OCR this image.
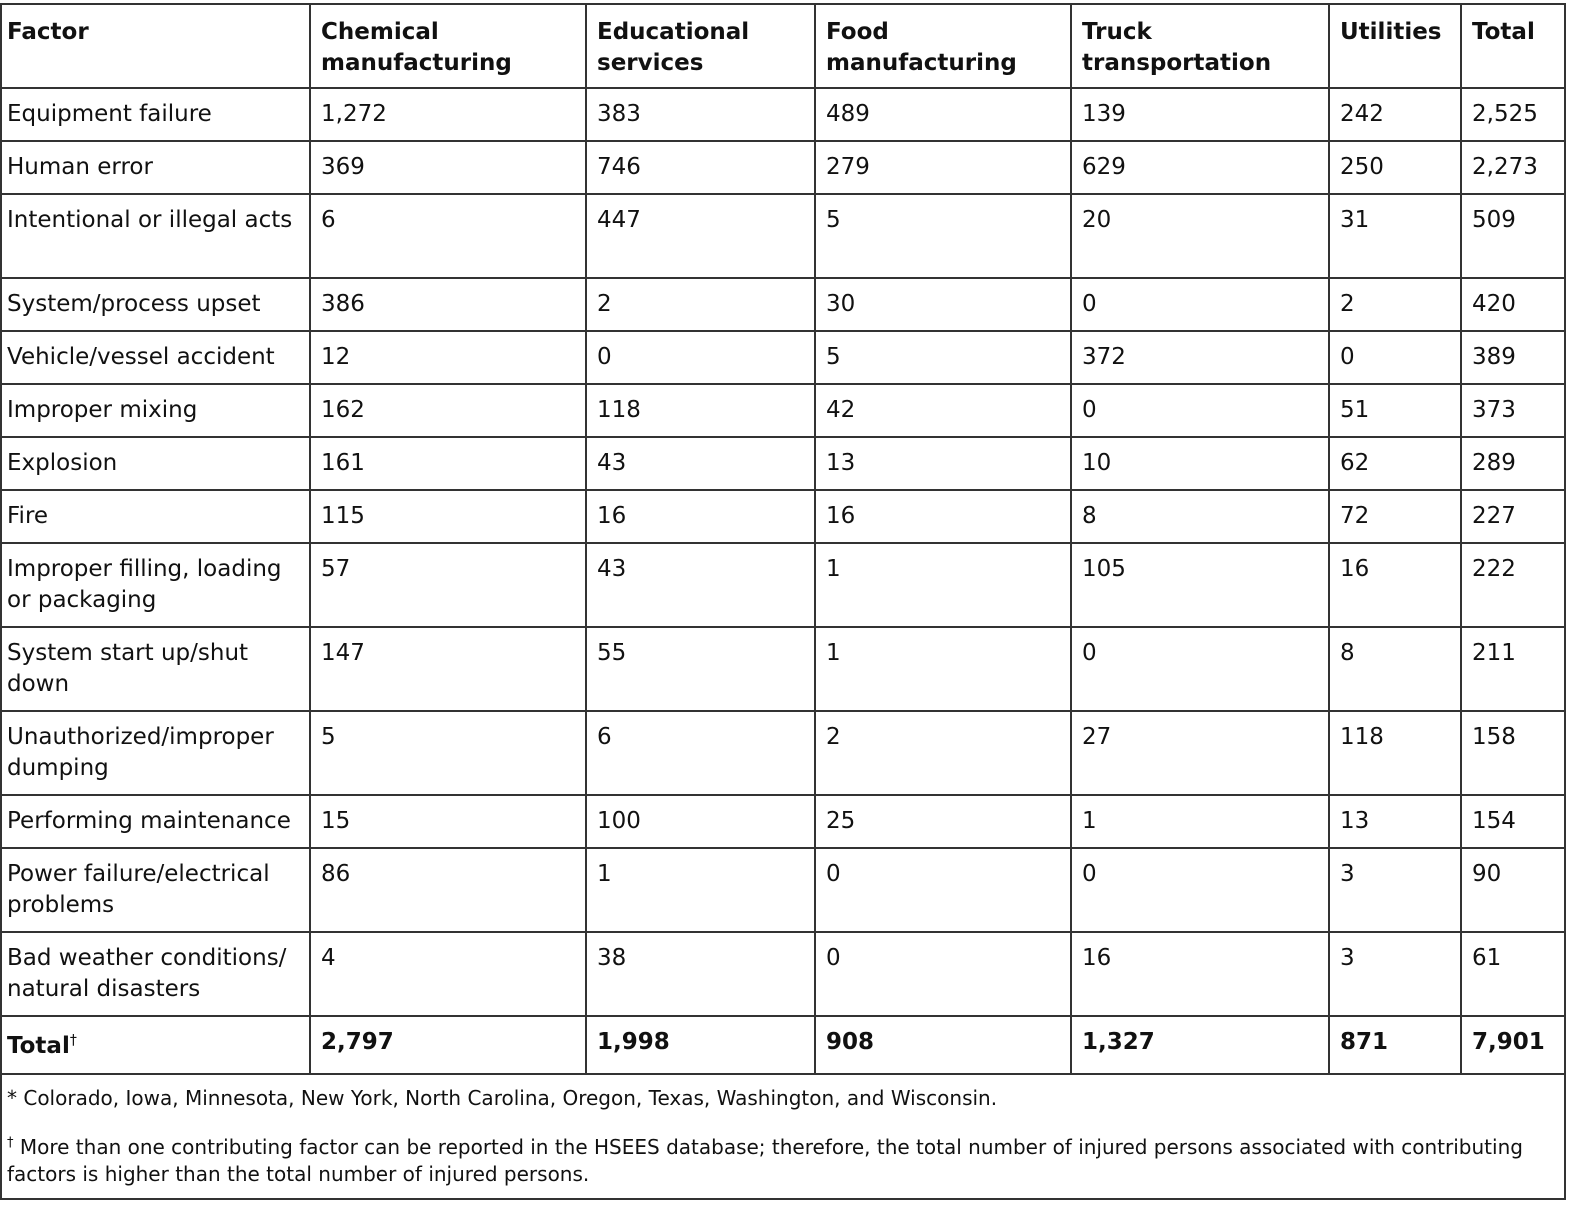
Factor	Chemical manufacturing	Educational services	Food manufacturing	Truck transportation	Utilities	Total
Equipment failure	1,272	383	489	139	242	2,525
Human error	369	746	279	629	250	2,273
Intentional or illegal acts	6	447	5	20	31	509
System/process upset	386	2	30	0	2	420
Vehicle/vessel accident	12	0	5	372	0	389
Improper mixing	162	118	42	0	51	373
Explosion	161	43	13	10	62	289
Fire	115	16	16	8	72	227
Improper filling, loading or packaging	57	43	1	105	16	222
System start up/shut down	147	55	1	0	8	211
Unauthorized/improper dumping	5	6	2	27	118	158
Performing maintenance	15	100	25	1	13	154
Power failure/electrical problems	86	1	0	0	3	90
Bad weather conditions/ natural disasters	4	38	0	16	3	61
Total†	2,797	1,998	908	1,327	871	7,901

* Colorado, Iowa, Minnesota, New York, North Carolina, Oregon, Texas, Washington, and Wisconsin.

† More than one contributing factor can be reported in the HSEES database; therefore, the total number of injured persons associated with contributing factors is higher than the total number of injured persons.						
